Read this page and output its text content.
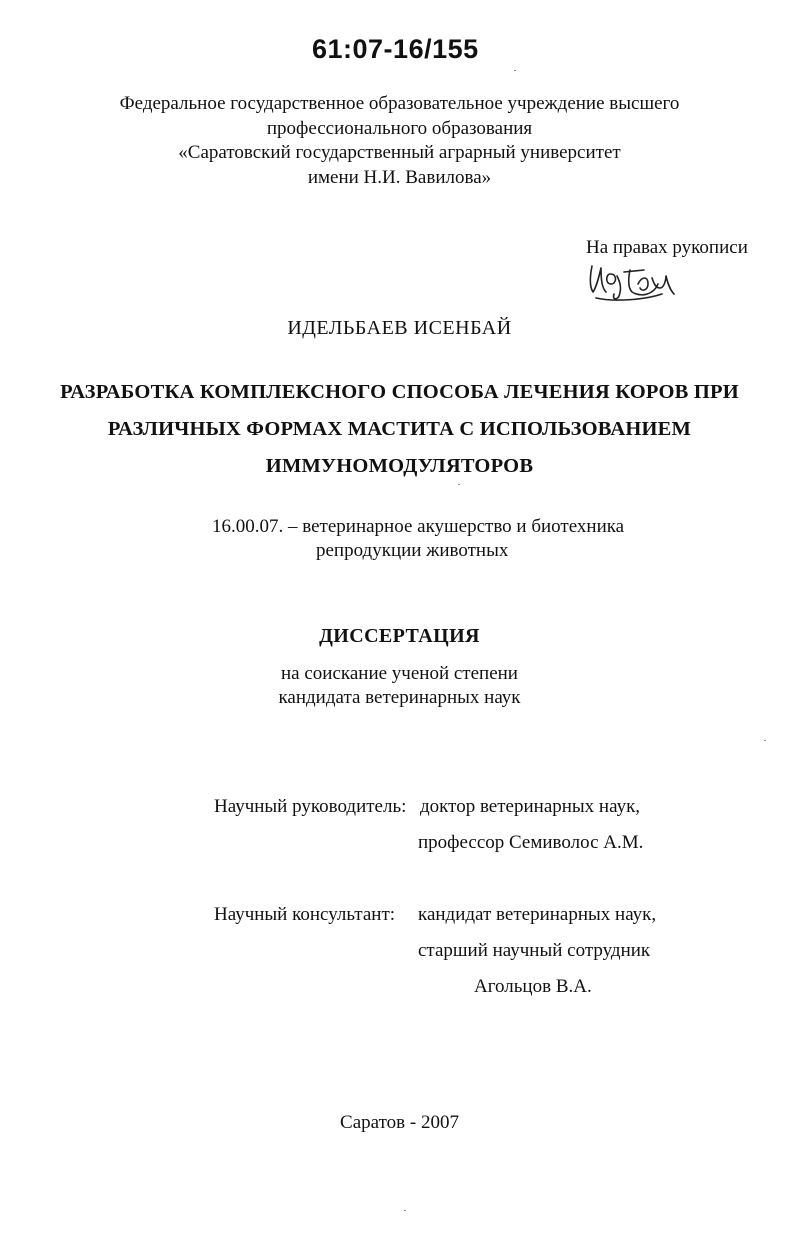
61:07-16/155
Федеральное государственное образовательное учреждение высшего
профессионального образования
«Саратовский государственный аграрный университет
имени Н.И. Вавилова»
На правах рукописи
ИДЕЛЬБАЕВ ИСЕНБАЙ
РАЗРАБОТКА КОМПЛЕКСНОГО СПОСОБА ЛЕЧЕНИЯ КОРОВ ПРИ
РАЗЛИЧНЫХ ФОРМАХ МАСТИТА С ИСПОЛЬЗОВАНИЕМ
ИММУНОМОДУЛЯТОРОВ
16.00.07. – ветеринарное акушерство и биотехника
репродукции животных
ДИССЕРТАЦИЯ
на соискание ученой степени
кандидата ветеринарных наук
Научный руководитель: доктор ветеринарных наук,
профессор Семиволос А.М.
Научный консультант: кандидат ветеринарных наук,
старший научный сотрудник
Агольцов В.А.
Саратов - 2007
